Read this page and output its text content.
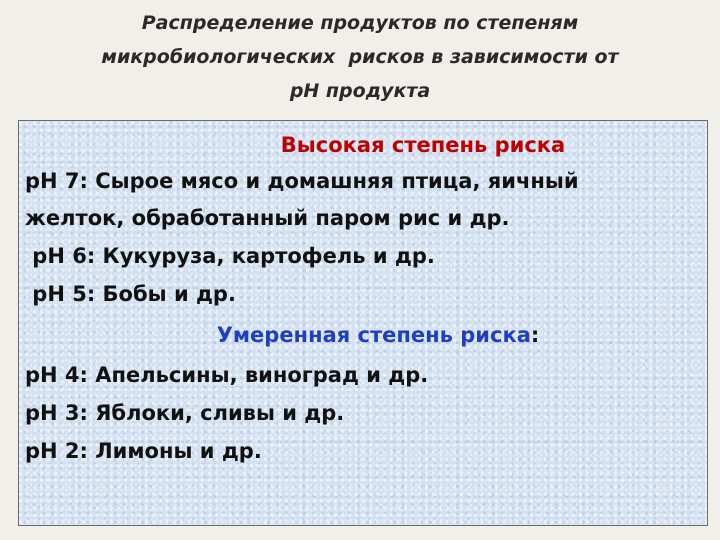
Распределение продуктов по степеням
микробиологических  рисков в зависимости от
рН продукта
Высокая степень риска
рН 7: Сырое мясо и домашняя птица, яичный
желток, обработанный паром рис и др.
рН 6: Кукуруза, картофель и др.
рН 5: Бобы и др.
Умеренная степень риска:
рН 4: Апельсины, виноград и др.
рН 3: Яблоки, сливы и др.
рН 2: Лимоны и др.
